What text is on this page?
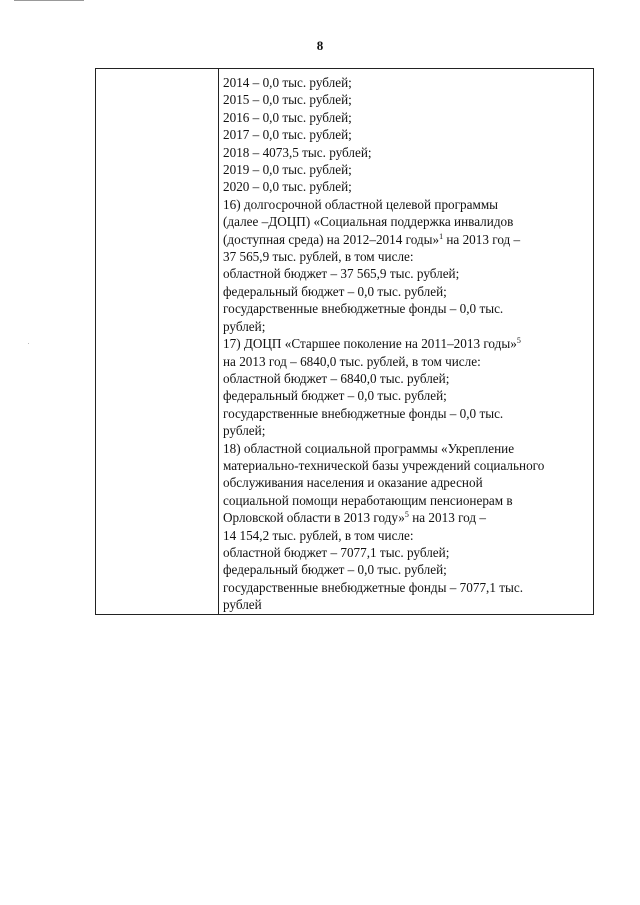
8
2014 – 0,0 тыс. рублей;
2015 – 0,0 тыс. рублей;
2016 – 0,0 тыс. рублей;
2017 – 0,0 тыс. рублей;
2018 – 4073,5 тыс. рублей;
2019 – 0,0 тыс. рублей;
2020 – 0,0 тыс. рублей;
16) долгосрочной областной целевой программы
(далее –ДОЦП) «Социальная поддержка инвалидов
(доступная среда) на 2012–2014 годы»$^1$ на 2013 год –
37 565,9 тыс. рублей, в том числе:
областной бюджет – 37 565,9 тыс. рублей;
федеральный бюджет – 0,0 тыс. рублей;
государственные внебюджетные фонды – 0,0 тыс.
рублей;
17) ДОЦП «Старшее поколение на 2011–2013 годы»$^5$
на 2013 год – 6840,0 тыс. рублей, в том числе:
областной бюджет – 6840,0 тыс. рублей;
федеральный бюджет – 0,0 тыс. рублей;
государственные внебюджетные фонды – 0,0 тыс.
рублей;
18) областной социальной программы «Укрепление
материально-технической базы учреждений социального
обслуживания населения и оказание адресной
социальной помощи неработающим пенсионерам в
Орловской области в 2013 году»$^5$ на 2013 год –
14 154,2 тыс. рублей, в том числе:
областной бюджет – 7077,1 тыс. рублей;
федеральный бюджет – 0,0 тыс. рублей;
государственные внебюджетные фонды – 7077,1 тыс.
рублей
